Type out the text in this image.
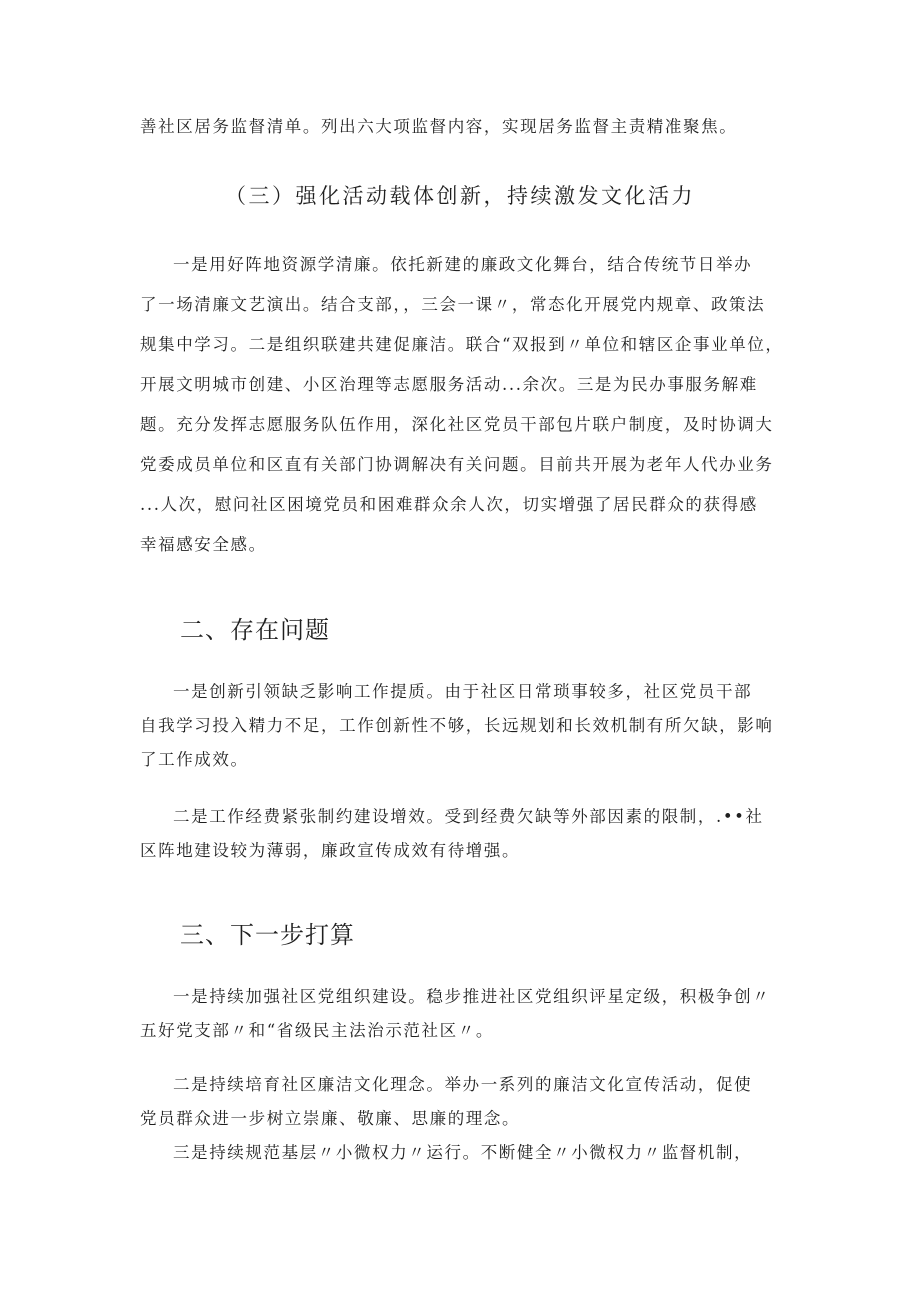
善社区居务监督清单。列出六大项监督内容，实现居务监督主责精准聚焦。

（三）强化活动载体创新，持续激发文化活力

一是用好阵地资源学清廉。依托新建的廉政文化舞台，结合传统节日举办
了一场清廉文艺演出。结合支部，，三会一课〃，常态化开展党内规章、政策法
规集中学习。二是组织联建共建促廉洁。联合“双报到〃单位和辖区企事业单位，
开展文明城市创建、小区治理等志愿服务活动...余次。三是为民办事服务解难
题。充分发挥志愿服务队伍作用，深化社区党员干部包片联户制度，及时协调大
党委成员单位和区直有关部门协调解决有关问题。目前共开展为老年人代办业务
...人次，慰问社区困境党员和困难群众余人次，切实增强了居民群众的获得感
幸福感安全感。

二、存在问题

一是创新引领缺乏影响工作提质。由于社区日常琐事较多，社区党员干部
自我学习投入精力不足，工作创新性不够，长远规划和长效机制有所欠缺，影响
了工作成效。

二是工作经费紧张制约建设增效。受到经费欠缺等外部因素的限制，.••社
区阵地建设较为薄弱，廉政宣传成效有待增强。

三、下一步打算

一是持续加强社区党组织建设。稳步推进社区党组织评星定级，积极争创〃
五好党支部〃和“省级民主法治示范社区〃。

二是持续培育社区廉洁文化理念。举办一系列的廉洁文化宣传活动，促使
党员群众进一步树立崇廉、敬廉、思廉的理念。

三是持续规范基层〃小微权力〃运行。不断健全〃小微权力〃监督机制，
